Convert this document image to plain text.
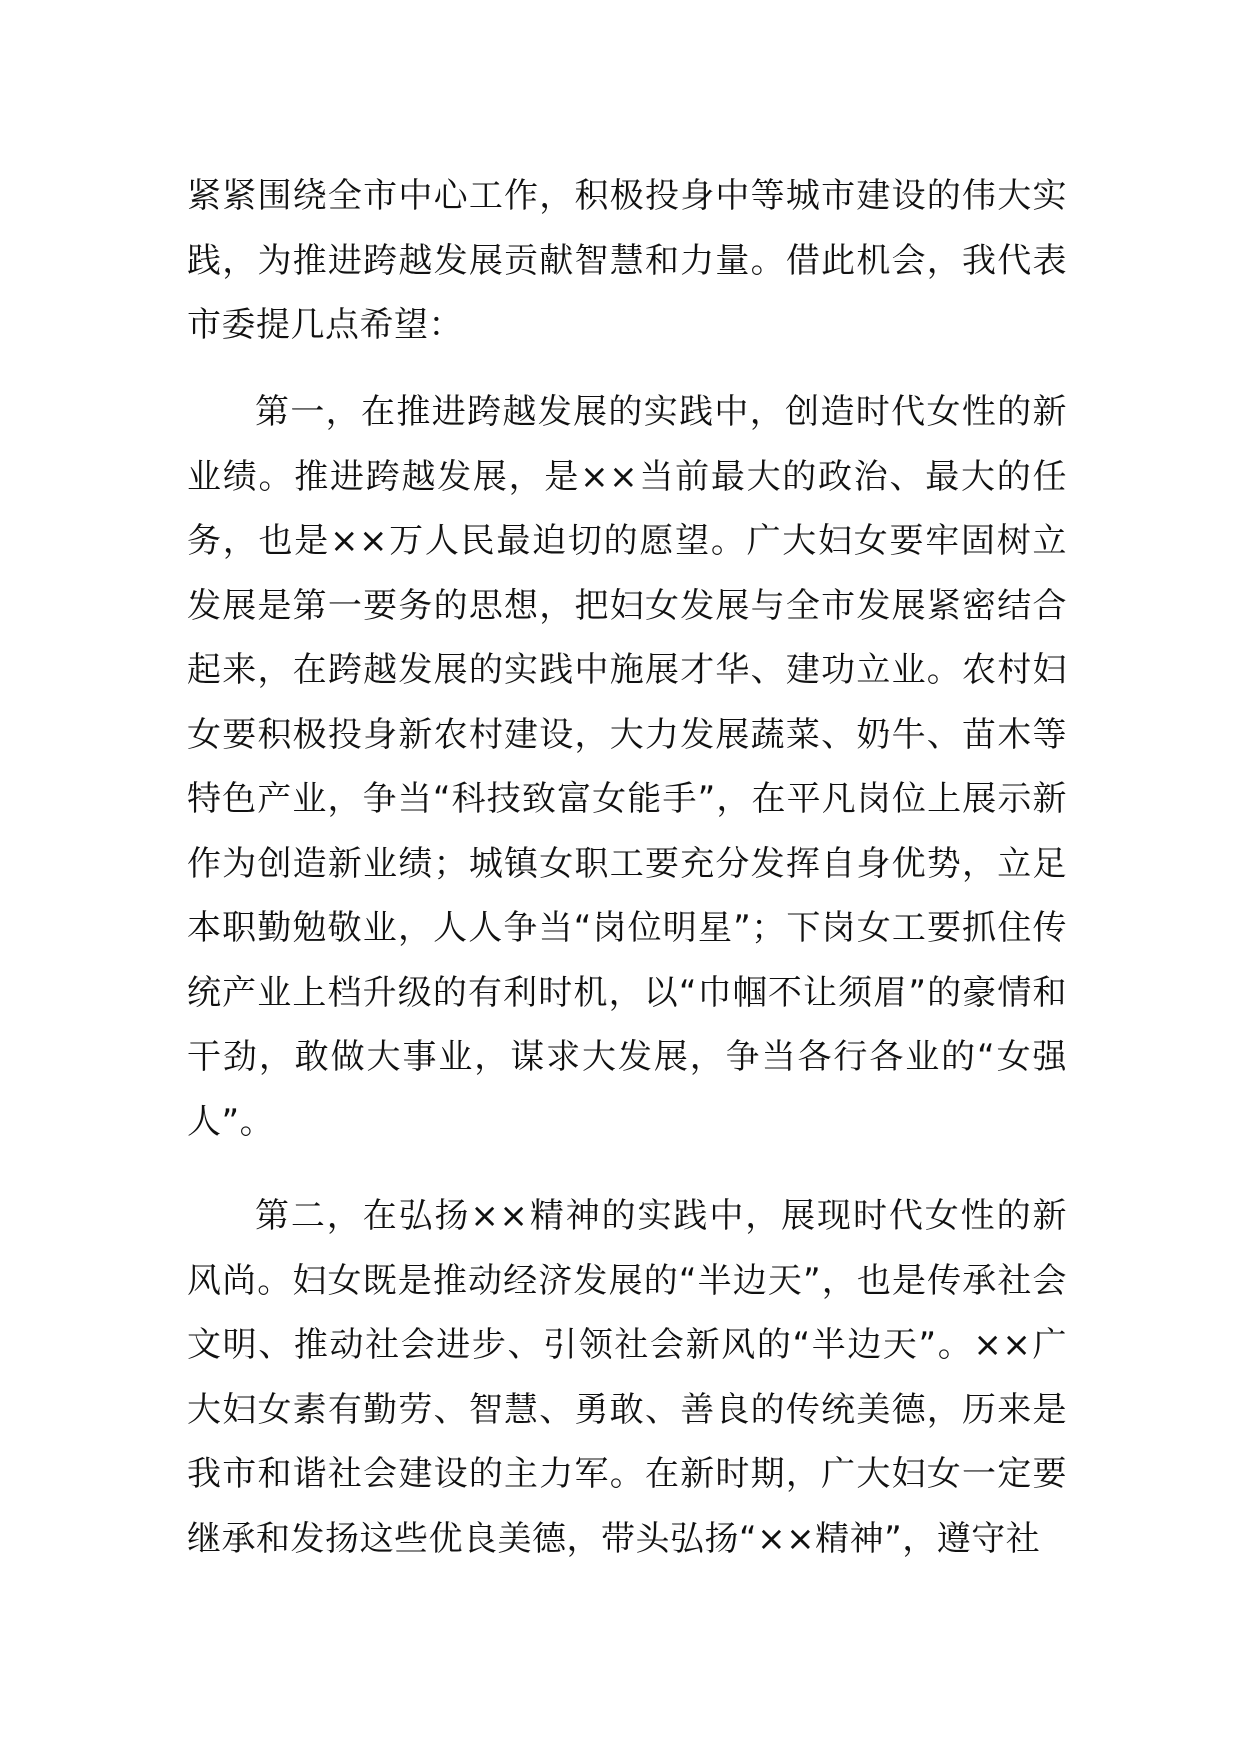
紧紧围绕全市中心工作，积极投身中等城市建设的伟大实践，为推进跨越发展贡献智慧和力量。借此机会，我代表市委提几点希望：

第一，在推进跨越发展的实践中，创造时代女性的新业绩。推进跨越发展，是××当前最大的政治、最大的任务，也是××万人民最迫切的愿望。广大妇女要牢固树立发展是第一要务的思想，把妇女发展与全市发展紧密结合起来，在跨越发展的实践中施展才华、建功立业。农村妇女要积极投身新农村建设，大力发展蔬菜、奶牛、苗木等特色产业，争当“科技致富女能手”，在平凡岗位上展示新作为创造新业绩；城镇女职工要充分发挥自身优势，立足本职勤勉敬业，人人争当“岗位明星”；下岗女工要抓住传统产业上档升级的有利时机，以“巾帼不让须眉”的豪情和干劲，敢做大事业，谋求大发展，争当各行各业的“女强人”。

第二，在弘扬××精神的实践中，展现时代女性的新风尚。妇女既是推动经济发展的“半边天”，也是传承社会文明、推动社会进步、引领社会新风的“半边天”。××广大妇女素有勤劳、智慧、勇敢、善良的传统美德，历来是我市和谐社会建设的主力军。在新时期，广大妇女一定要继承和发扬这些优良美德，带头弘扬“××精神”，遵守社
